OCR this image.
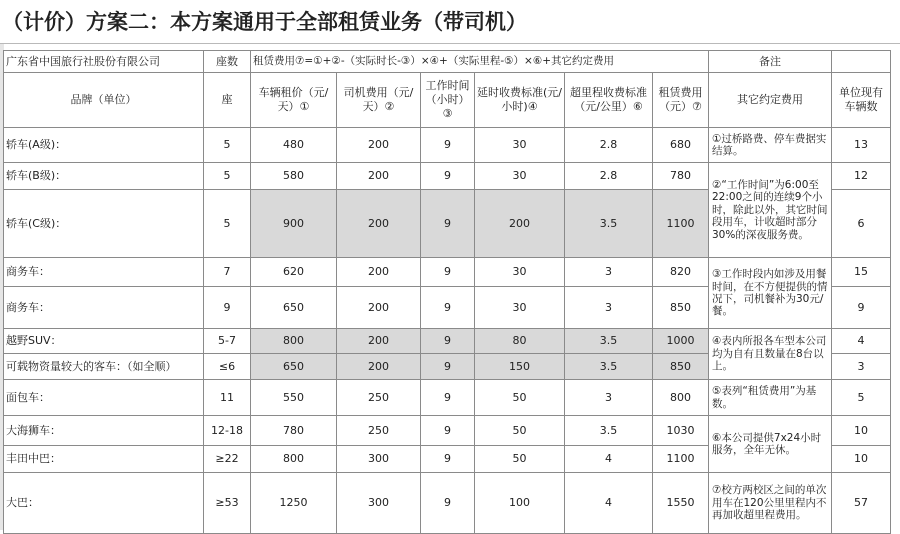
（计价）方案二：本方案通用于全部租赁业务（带司机）
广东省中国旅行社股份有限公司	座数	租赁费用⑦=①+②-（实际时长-③）×④+（实际里程-⑤）×⑥+其它约定费用						备注	
品牌（单位）	座	车辆租价（元/天）①	司机费用（元/天）②	工作时间（小时）③	延时收费标准(元/小时)④	超里程收费标准（元/公里）⑥	租赁费用（元）⑦	其它约定费用	单位现有车辆数
轿车(A级)：	5	480	200	9	30	2.8	680	①过桥路费、停车费据实结算。	13
轿车(B级)：	5	580	200	9	30	2.8	780	②“工作时间”为6:00至22:00之间的连续9个小时，除此以外，其它时间段用车，计收超时部分30%的深夜服务费。	12
轿车(C级)：	5	900	200	9	200	3.5	1100		6
商务车：	7	620	200	9	30	3	820	③工作时段内如涉及用餐时间，在不方便提供的情况下，司机餐补为30元/餐。	15
商务车：	9	650	200	9	30	3	850		9
越野SUV：	5-7	800	200	9	80	3.5	1000	④表内所报各车型本公司均为自有且数量在8台以上。	4
可载物资量较大的客车：（如全顺）	≤6	650	200	9	150	3.5	850		3
面包车：	11	550	250	9	50	3	800	⑤表列“租赁费用”为基数。	5
大海狮车：	12-18	780	250	9	50	3.5	1030	⑥本公司提供7x24小时服务，全年无休。	10
丰田中巴：	≥22	800	300	9	50	4	1100		10
大巴：	≥53	1250	300	9	100	4	1550	⑦校方两校区之间的单次用车在120公里里程内不再加收超里程费用。	57
